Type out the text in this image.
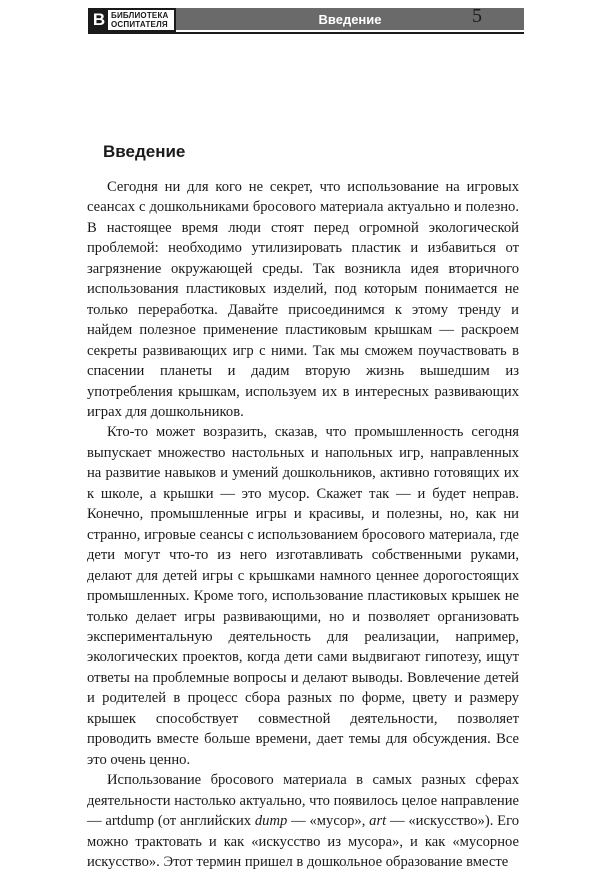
В БИБЛИОТЕКА
ОСПИТАТЕЛЯ	Введение	5
Введение

Сегодня ни для кого не секрет, что использование на игровых сеансах с дошкольниками бросового материала актуально и полезно. В настоящее время люди стоят перед огромной экологической проблемой: необходимо утилизировать пластик и избавиться от загрязнение окружающей среды. Так возникла идея вторичного использования пластиковых изделий, под которым понимается не только переработка. Давайте присоединимся к этому тренду и найдем полезное применение пластиковым крышкам — раскроем секреты развивающих игр с ними. Так мы сможем поучаствовать в спасении планеты и дадим вторую жизнь вышедшим из употребления крышкам, используем их в интересных развивающих играх для дошкольников.

Кто-то может возразить, сказав, что промышленность сегодня выпускает множество настольных и напольных игр, направленных на развитие навыков и умений дошкольников, активно готовящих их к школе, а крышки — это мусор. Скажет так — и будет неправ. Конечно, промышленные игры и красивы, и полезны, но, как ни странно, игровые сеансы с использованием бросового материала, где дети могут что-то из него изготавливать собственными руками, делают для детей игры с крышками намного ценнее дорогостоящих промышленных. Кроме того, использование пластиковых крышек не только делает игры развивающими, но и позволяет организовать экспериментальную деятельность для реализации, например, экологических проектов, когда дети сами выдвигают гипотезу, ищут ответы на проблемные вопросы и делают выводы. Вовлечение детей и родителей в процесс сбора разных по форме, цвету и размеру крышек способствует совместной деятельности, позволяет проводить вместе больше времени, дает темы для обсуждения. Все это очень ценно.

Использование бросового материала в самых разных сферах деятельности настолько актуально, что появилось целое направление — artdump (от английских dump — «мусор», art — «искусство»). Его можно трактовать и как «искусство из мусора», и как «мусорное искусство». Этот термин пришел в дошкольное образование вместе
